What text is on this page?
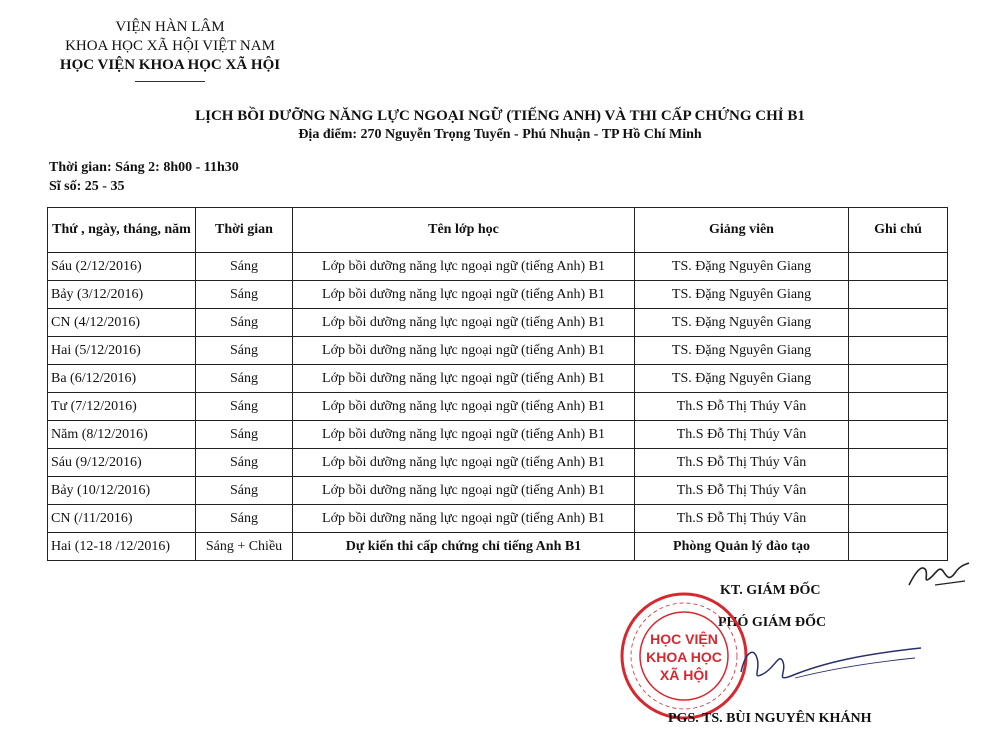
VIỆN HÀN LÂM
KHOA HỌC XÃ HỘI VIỆT NAM
HỌC VIỆN KHOA HỌC XÃ HỘI
LỊCH BỒI DƯỠNG NĂNG LỰC NGOẠI NGỮ (TIẾNG ANH) VÀ THI CẤP CHỨNG CHỈ B1
Địa điểm: 270 Nguyễn Trọng Tuyển - Phú Nhuận - TP Hồ Chí Minh
Thời gian: Sáng 2: 8h00 - 11h30
Sĩ số: 25 - 35
Thứ , ngày, tháng, năm	Thời gian	Tên lớp học	Giảng viên	Ghi chú
Sáu (2/12/2016)	Sáng	Lớp bồi dưỡng năng lực ngoại ngữ (tiếng Anh) B1	TS. Đặng Nguyên Giang	
Bảy (3/12/2016)	Sáng	Lớp bồi dưỡng năng lực ngoại ngữ (tiếng Anh) B1	TS. Đặng Nguyên Giang	
CN (4/12/2016)	Sáng	Lớp bồi dưỡng năng lực ngoại ngữ (tiếng Anh) B1	TS. Đặng Nguyên Giang	
Hai (5/12/2016)	Sáng	Lớp bồi dưỡng năng lực ngoại ngữ (tiếng Anh) B1	TS. Đặng Nguyên Giang	
Ba (6/12/2016)	Sáng	Lớp bồi dưỡng năng lực ngoại ngữ (tiếng Anh) B1	TS. Đặng Nguyên Giang	
Tư (7/12/2016)	Sáng	Lớp bồi dưỡng năng lực ngoại ngữ (tiếng Anh) B1	Th.S Đỗ Thị Thúy Vân	
Năm (8/12/2016)	Sáng	Lớp bồi dưỡng năng lực ngoại ngữ (tiếng Anh) B1	Th.S Đỗ Thị Thúy Vân	
Sáu (9/12/2016)	Sáng	Lớp bồi dưỡng năng lực ngoại ngữ (tiếng Anh) B1	Th.S Đỗ Thị Thúy Vân	
Bảy (10/12/2016)	Sáng	Lớp bồi dưỡng năng lực ngoại ngữ (tiếng Anh) B1	Th.S Đỗ Thị Thúy Vân	
CN (/11/2016)	Sáng	Lớp bồi dưỡng năng lực ngoại ngữ (tiếng Anh) B1	Th.S Đỗ Thị Thúy Vân	
Hai (12-18 /12/2016)	Sáng + Chiều	Dự kiến thi cấp chứng chỉ tiếng Anh B1	Phòng Quản lý đào tạo	
KT. GIÁM ĐỐC
PHÓ GIÁM ĐỐC
HỌC VIỆN
KHOA HỌC
XÃ HỘI
PGS. TS. BÙI NGUYÊN KHÁNH
